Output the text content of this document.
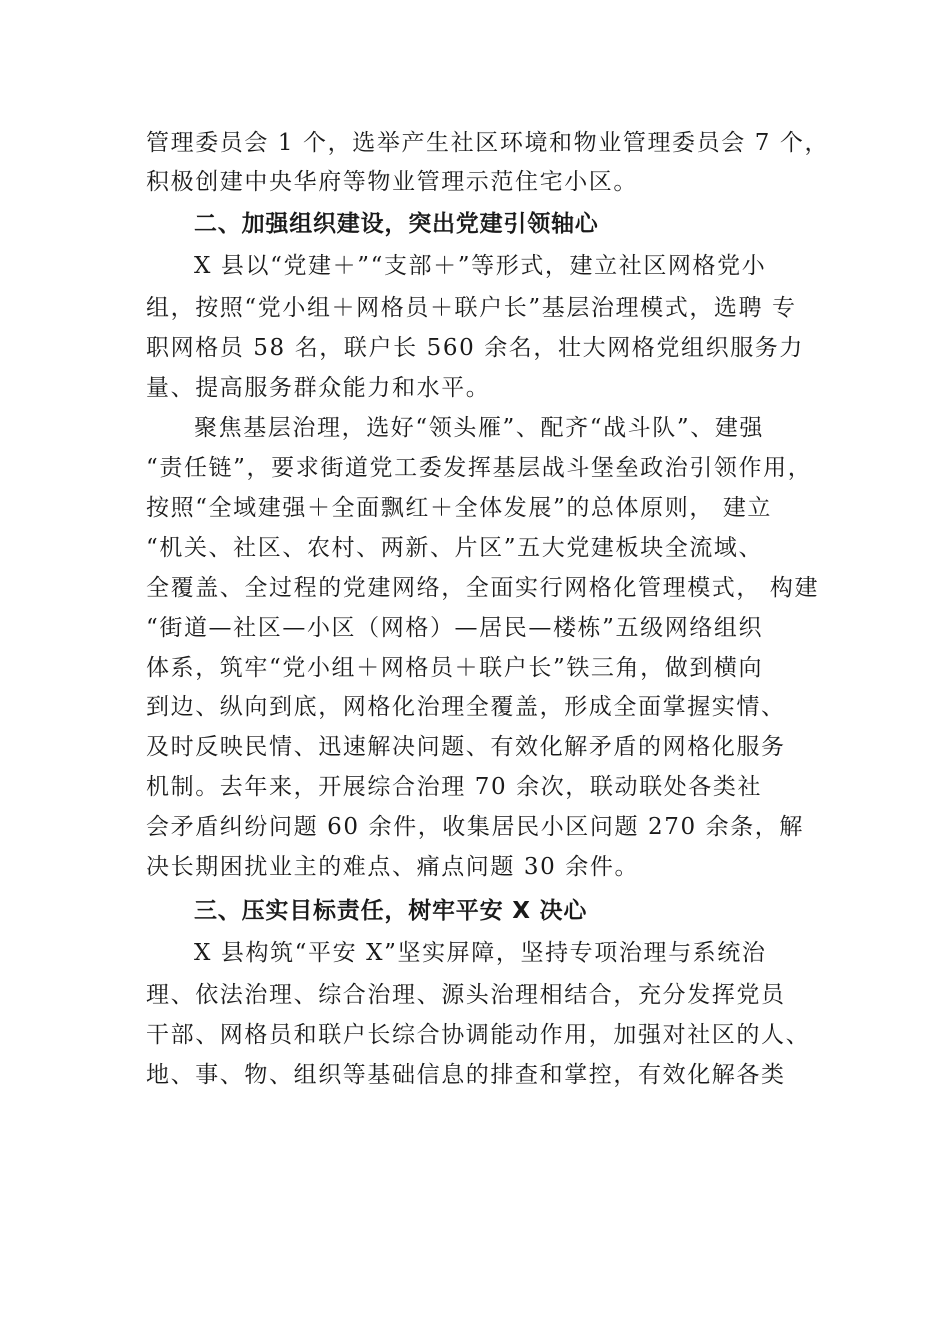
管理委员会 1 个，选举产生社区环境和物业管理委员会 7 个，
积极创建中央华府等物业管理示范住宅小区。
二、加强组织建设，突出党建引领轴心
X 县以“党建＋”“支部＋”等形式，建立社区网格党小
组，按照“党小组＋网格员＋联户长”基层治理模式，选聘 专
职网格员 58 名，联户长 560 余名，壮大网格党组织服务力
量、提高服务群众能力和水平。
聚焦基层治理，选好“领头雁”、配齐“战斗队”、建强
“责任链”，要求街道党工委发挥基层战斗堡垒政治引领作用，
按照“全域建强＋全面飘红＋全体发展”的总体原则， 建立
“机关、社区、农村、两新、片区”五大党建板块全流域、
全覆盖、全过程的党建网络，全面实行网格化管理模式， 构建
“街道—社区—小区（网格）—居民—楼栋”五级网络组织
体系，筑牢“党小组＋网格员＋联户长”铁三角，做到横向
到边、纵向到底，网格化治理全覆盖，形成全面掌握实情、
及时反映民情、迅速解决问题、有效化解矛盾的网格化服务
机制。去年来，开展综合治理 70 余次，联动联处各类社
会矛盾纠纷问题 60 余件，收集居民小区问题 270 余条，解
决长期困扰业主的难点、痛点问题 30 余件。
三、压实目标责任，树牢平安 X 决心
X 县构筑“平安 X”坚实屏障，坚持专项治理与系统治
理、依法治理、综合治理、源头治理相结合，充分发挥党员
干部、网格员和联户长综合协调能动作用，加强对社区的人、
地、事、物、组织等基础信息的排查和掌控，有效化解各类
